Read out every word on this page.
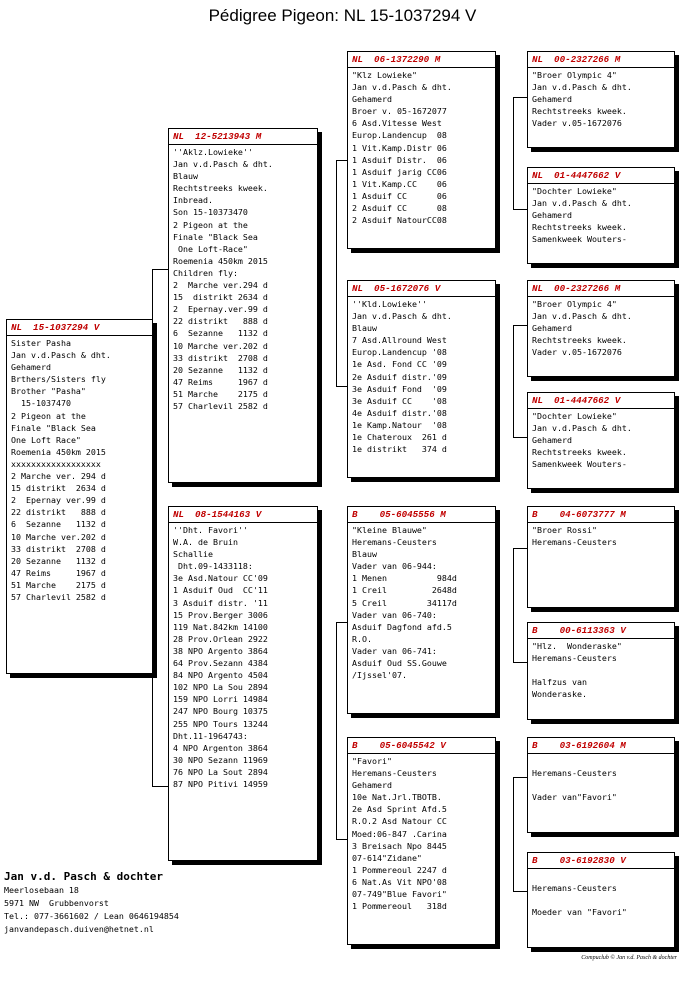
Pédigree Pigeon: NL 15-1037294 V
NL  15-1037294 V
Sister Pasha
Jan v.d.Pasch & dht.
Gehamerd
Brthers/Sisters fly
Brother "Pasha"
15-1037470
2 Pigeon at the
Finale "Black Sea
One Loft Race"
Roemenia 450km 2015
xxxxxxxxxxxxxxxxxx
2 Marche ver. 294 d
15 distrikt  2634 d
2  Epernay ver.99 d
22 distrikt   888 d
6  Sezanne   1132 d
10 Marche ver.202 d
33 distrikt  2708 d
20 Sezanne   1132 d
47 Reims     1967 d
51 Marche    2175 d
57 Charlevil 2582 d
NL  12-5213943 M
''Aklz.Lowieke''
Jan v.d.Pasch & dht.
Blauw
Rechtstreeks kweek.
Inbread.
Son 15-10373470
2 Pigeon at the
Finale "Black Sea
One Loft-Race"
Roemenia 450km 2015
Children fly:
2  Marche ver.294 d
15  distrikt 2634 d
2  Epernay.ver.99 d
22 distrikt   888 d
6  Sezanne   1132 d
10 Marche ver.202 d
33 distrikt  2708 d
20 Sezanne   1132 d
47 Reims     1967 d
51 Marche    2175 d
57 Charlevil 2582 d
NL  08-1544163 V
''Dht. Favori''
W.A. de Bruin
Schallie
Dht.09-1433118:
3e Asd.Natour CC'09
1 Asduif Oud  CC'11
3 Asduif distr. '11
15 Prov.Berger 3006
119 Nat.842km 14100
28 Prov.Orlean 2922
38 NPO Argento 3864
64 Prov.Sezann 4384
84 NPO Argento 4504
102 NPO La Sou 2894
159 NPO Lorri 14984
247 NPO Bourg 10375
255 NPO Tours 13244
Dht.11-1964743:
4 NPO Argenton 3864
30 NPO Sezann 11969
76 NPO La Sout 2894
87 NPO Pitivi 14959
NL  06-1372290 M
"Klz Lowieke"
Jan v.d.Pasch & dht.
Gehamerd
Broer v. 05-1672077
6 Asd.Vitesse West
Europ.Landencup  08
1 Vit.Kamp.Distr 06
1 Asduif Distr.  06
1 Asduif jarig CC06
1 Vit.Kamp.CC    06
1 Asduif CC      06
2 Asduif CC      08
2 Asduif NatourCC08
NL  05-1672076 V
''Kld.Lowieke''
Jan v.d.Pasch & dht.
Blauw
7 Asd.Allround West
Europ.Landencup '08
1e Asd. Fond CC '09
2e Asduif distr.'09
3e Asduif Fond  '09
3e Asduif CC    '08
4e Asduif distr.'08
1e Kamp.Natour  '08
1e Chateroux  261 d
1e distrikt   374 d
B    05-6045556 M
"Kleine Blauwe"
Heremans-Ceusters
Blauw
Vader van 06-944:
1 Menen          984d
1 Creil         2648d
5 Creil        34117d
Vader van 06-740:
Asduif Dagfond afd.5
R.O.
Vader van 06-741:
Asduif Oud SS.Gouwe
/Ijssel'07.
B    05-6045542 V
"Favori"
Heremans-Ceusters
Gehamerd
10e Nat.Jrl.TBOTB.
2e Asd Sprint Afd.5
R.O.2 Asd Natour CC
Moed:06-847 .Carina
3 Breisach Npo 8445
07-614"Zidane"
1 Pommereoul 2247 d
6 Nat.As Vit NPO'08
07-749"Blue Favori"
1 Pommereoul   318d
NL  00-2327266 M
"Broer Olympic 4"
Jan v.d.Pasch & dht.
Gehamerd
Rechtstreeks kweek.
Vader v.05-1672076
NL  01-4447662 V
"Dochter Lowieke"
Jan v.d.Pasch & dht.
Gehamerd
Rechtstreeks kweek.
Samenkweek Wouters-
NL  00-2327266 M
"Broer Olympic 4"
Jan v.d.Pasch & dht.
Gehamerd
Rechtstreeks kweek.
Vader v.05-1672076
NL  01-4447662 V
"Dochter Lowieke"
Jan v.d.Pasch & dht.
Gehamerd
Rechtstreeks kweek.
Samenkweek Wouters-
B    04-6073777 M
"Broer Rossi"
Heremans-Ceusters
B    00-6113363 V
"Hlz.  Wonderaske"
Heremans-Ceusters

Halfzus van
Wonderaske.
B    03-6192604 M

Heremans-Ceusters

Vader van"Favori"
B    03-6192830 V

Heremans-Ceusters

Moeder van "Favori"
Jan v.d. Pasch & dochter
Meerlosebaan 18
5971 NW  Grubbenvorst
Tel.: 077-3661602 / Lean 0646194854
janvandepasch.duiven@hetnet.nl
Compuclub © Jan v.d. Pasch & dochter
